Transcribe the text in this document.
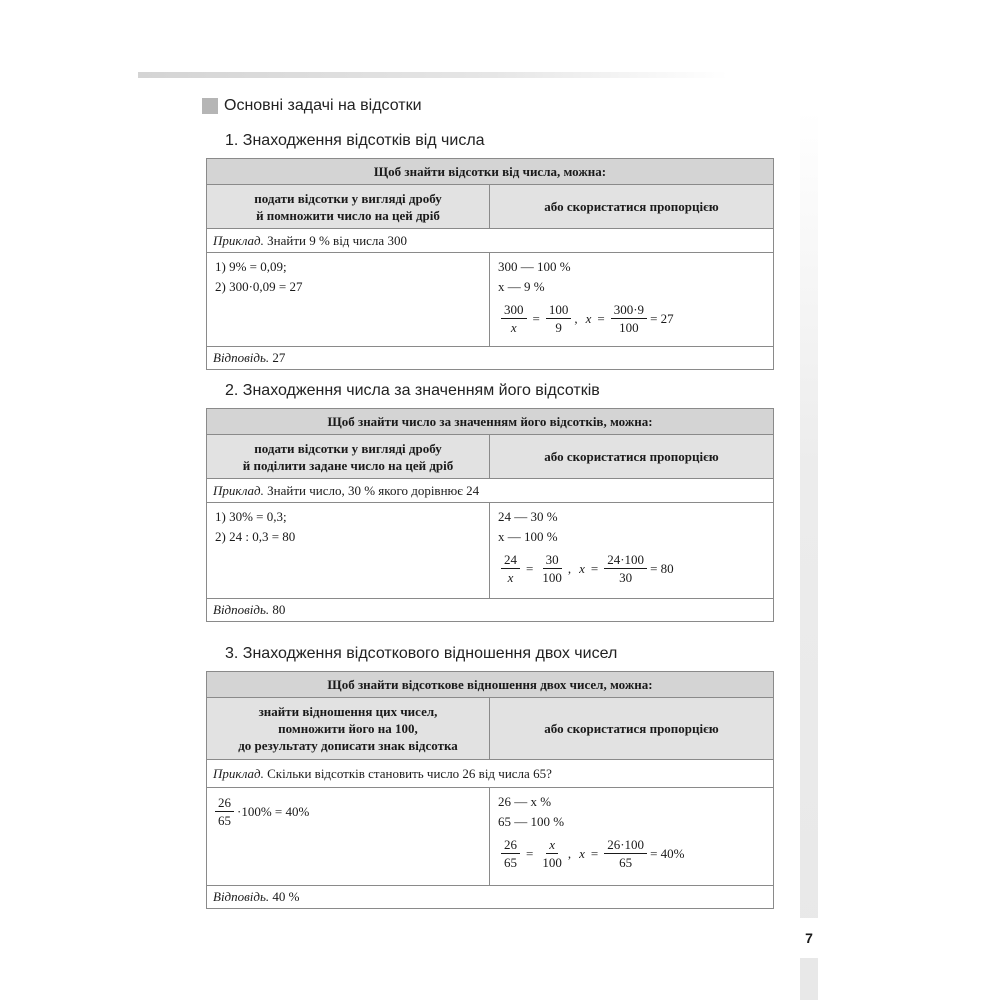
7
Основні задачі на відсотки
1. Знаходження відсотків від числа
Щоб знайти відсотки від числа, можна:
подати відсотки у вигляді дробу
й помножити число на цей дріб
або скористатися пропорцією
Приклад. Знайти 9 % від числа 300
1) 9% = 0,09;
2) 300·0,09 = 27
300 — 100 %
x — 9 %
$\frac{300}{x} = \frac{100}{9}$ , $x = \frac{300\cdot 9}{100} = 27$
Відповідь. 27
2. Знаходження числа за значенням його відсотків
Щоб знайти число за значенням його відсотків, можна:
подати відсотки у вигляді дробу
й поділити задане число на цей дріб
або скористатися пропорцією
Приклад. Знайти число, 30 % якого дорівнює 24
1) 30% = 0,3;
2) 24 : 0,3 = 80
24 — 30 %
x — 100 %
$\frac{24}{x} = \frac{30}{100}$ , $x = \frac{24\cdot 100}{30} = 80$
Відповідь. 80
3. Знаходження відсоткового відношення двох чисел
Щоб знайти відсоткове відношення двох чисел, можна:
знайти відношення цих чисел,
помножити його на 100,
до результату дописати знак відсотка
або скористатися пропорцією
Приклад. Скільки відсотків становить число 26 від числа 65?
$\frac{26}{65} \cdot 100\% = 40\%$
26 — x %
65 — 100 %
$\frac{26}{65} = \frac{x}{100}$ , $x = \frac{26\cdot 100}{65} = 40\%$
Відповідь. 40 %
